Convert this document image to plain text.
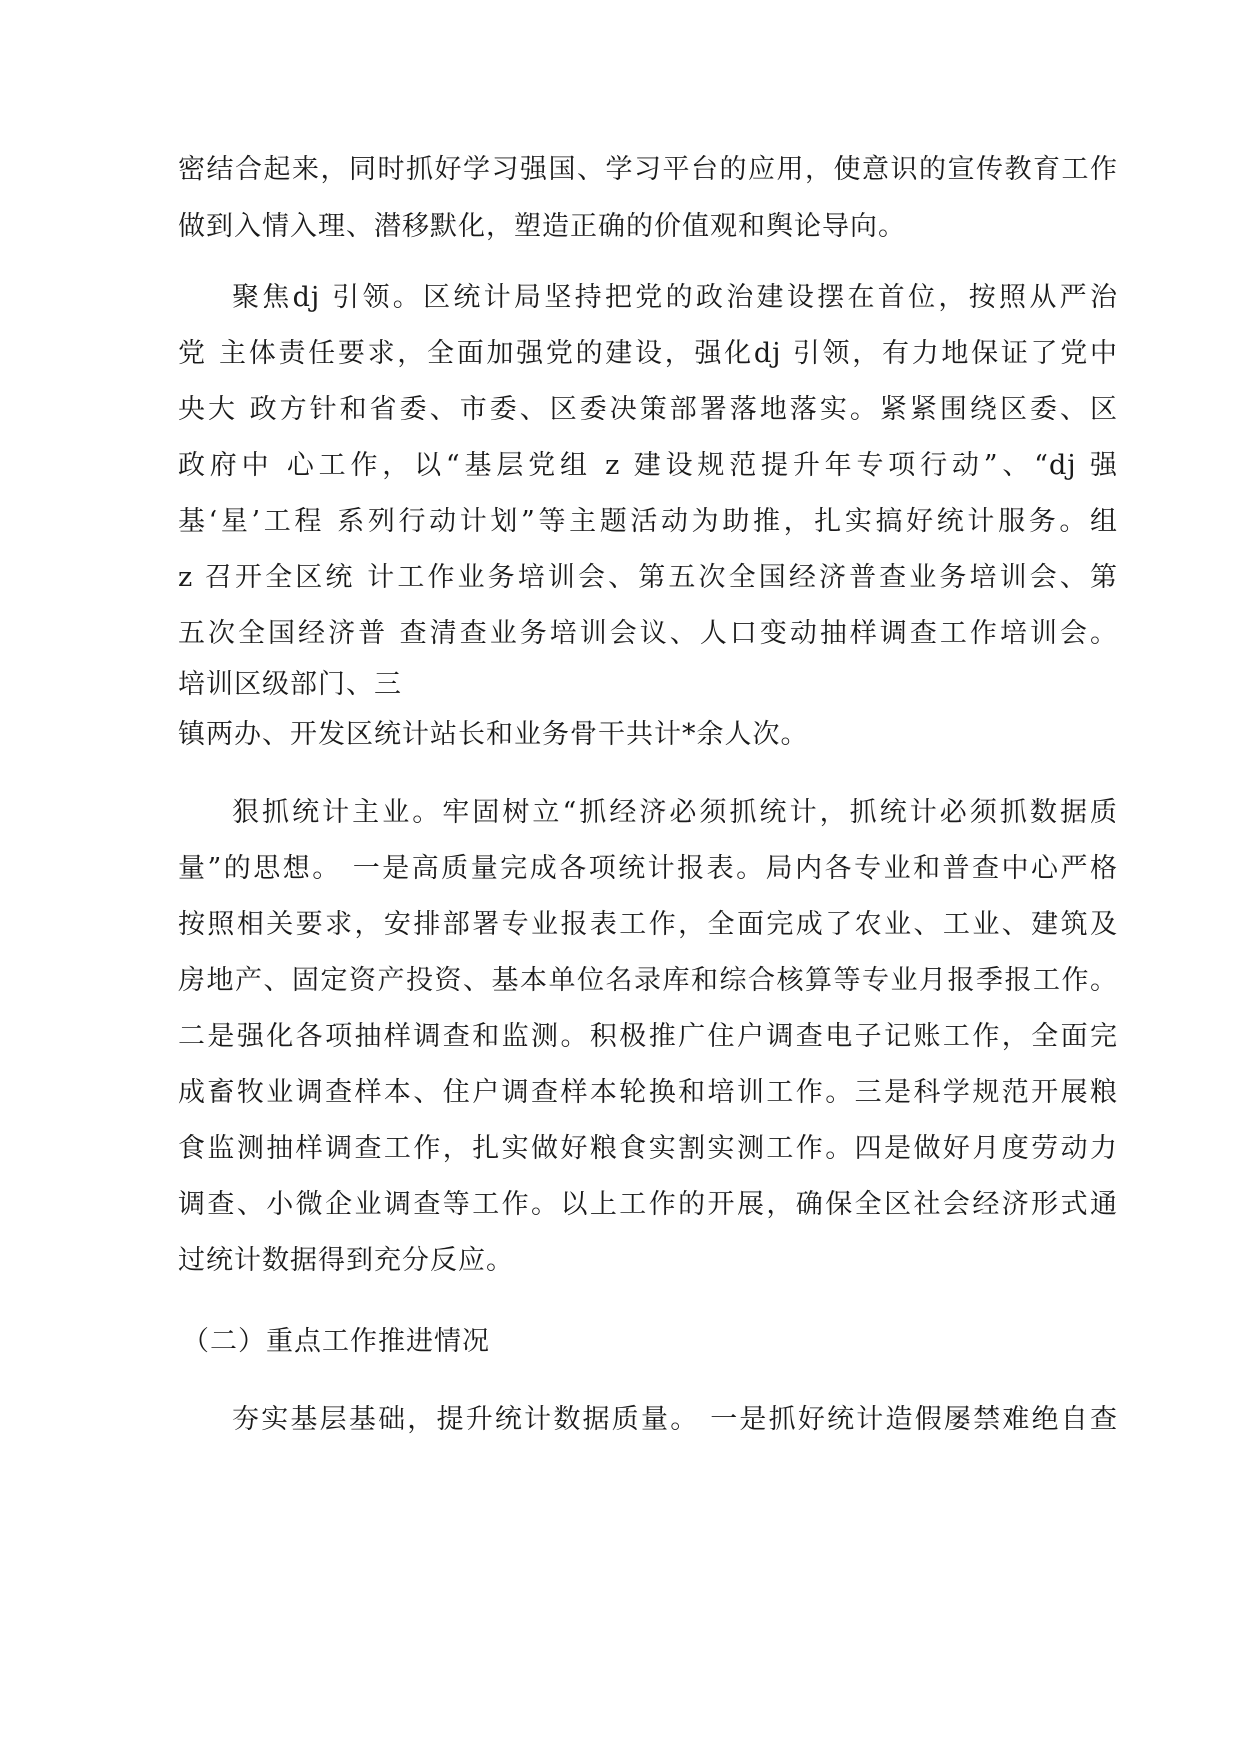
密结合起来，同时抓好学习强国、学习平台的应用，使意识的宣传教育工作
做到入情入理、潜移默化，塑造正确的价值观和舆论导向。
聚焦dj 引领。区统计局坚持把党的政治建设摆在首位，按照从严治
党 主体责任要求，全面加强党的建设，强化dj 引领，有力地保证了党中
央大 政方针和省委、市委、区委决策部署落地落实。紧紧围绕区委、区
政府中 心工作，以“基层党组 z 建设规范提升年专项行动”、“dj 强
基‘星’工程 系列行动计划”等主题活动为助推，扎实搞好统计服务。组
z 召开全区统 计工作业务培训会、第五次全国经济普查业务培训会、第
五次全国经济普 查清查业务培训会议、人口变动抽样调查工作培训会。
培训区级部门、三
镇两办、开发区统计站长和业务骨干共计*余人次。
狠抓统计主业。牢固树立“抓经济必须抓统计，抓统计必须抓数据质
量”的思想。 一是高质量完成各项统计报表。局内各专业和普查中心严格
按照相关要求，安排部署专业报表工作，全面完成了农业、工业、建筑及
房地产、固定资产投资、基本单位名录库和综合核算等专业月报季报工作。
二是强化各项抽样调查和监测。积极推广住户调查电子记账工作，全面完
成畜牧业调查样本、住户调查样本轮换和培训工作。三是科学规范开展粮
食监测抽样调查工作，扎实做好粮食实割实测工作。四是做好月度劳动力
调查、小微企业调查等工作。以上工作的开展，确保全区社会经济形式通
过统计数据得到充分反应。
（二）重点工作推进情况
夯实基层基础，提升统计数据质量。 一是抓好统计造假屡禁难绝自查
